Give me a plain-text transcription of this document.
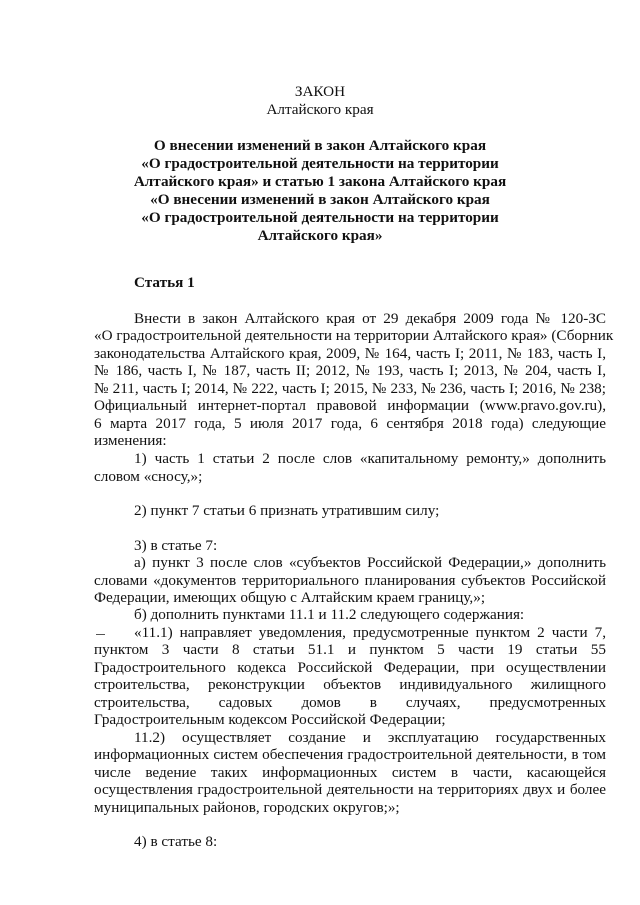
ЗАКОН
Алтайского края
О внесении изменений в закон Алтайского края
«О градостроительной деятельности на территории
Алтайского края» и статью 1 закона Алтайского края
«О внесении изменений в закон Алтайского края
«О градостроительной деятельности на территории
Алтайского края»
Статья 1
Внести в закон Алтайского края от 29 декабря 2009 года № 120-ЗС
«О градостроительной деятельности на территории Алтайского края» (Сборник
законодательства Алтайского края, 2009, № 164, часть I; 2011, № 183, часть I,
№ 186, часть I, № 187, часть II; 2012, № 193, часть I; 2013, № 204, часть I,
№ 211, часть I; 2014, № 222, часть I; 2015, № 233, № 236, часть I; 2016, № 238;
Официальный интернет-портал правовой информации (www.pravo.gov.ru),
6 марта 2017 года, 5 июля 2017 года, 6 сентября 2018 года) следующие
изменения:
1) часть 1 статьи 2 после слов «капитальному ремонту,» дополнить
словом «сносу,»;
2) пункт 7 статьи 6 признать утратившим силу;
3) в статье 7:
а) пункт 3 после слов «субъектов Российской Федерации,» дополнить
словами «документов территориального планирования субъектов Российской
Федерации, имеющих общую с Алтайским краем границу,»;
б) дополнить пунктами 11.1 и 11.2 следующего содержания:
«11.1) направляет уведомления, предусмотренные пунктом 2 части 7,
пунктом 3 части 8 статьи 51.1 и пунктом 5 части 19 статьи 55
Градостроительного кодекса Российской Федерации, при осуществлении
строительства, реконструкции объектов индивидуального жилищного
строительства, садовых домов в случаях, предусмотренных
Градостроительным кодексом Российской Федерации;
11.2) осуществляет создание и эксплуатацию государственных
информационных систем обеспечения градостроительной деятельности, в том
числе ведение таких информационных систем в части, касающейся
осуществления градостроительной деятельности на территориях двух и более
муниципальных районов, городских округов;»;
4) в статье 8:
